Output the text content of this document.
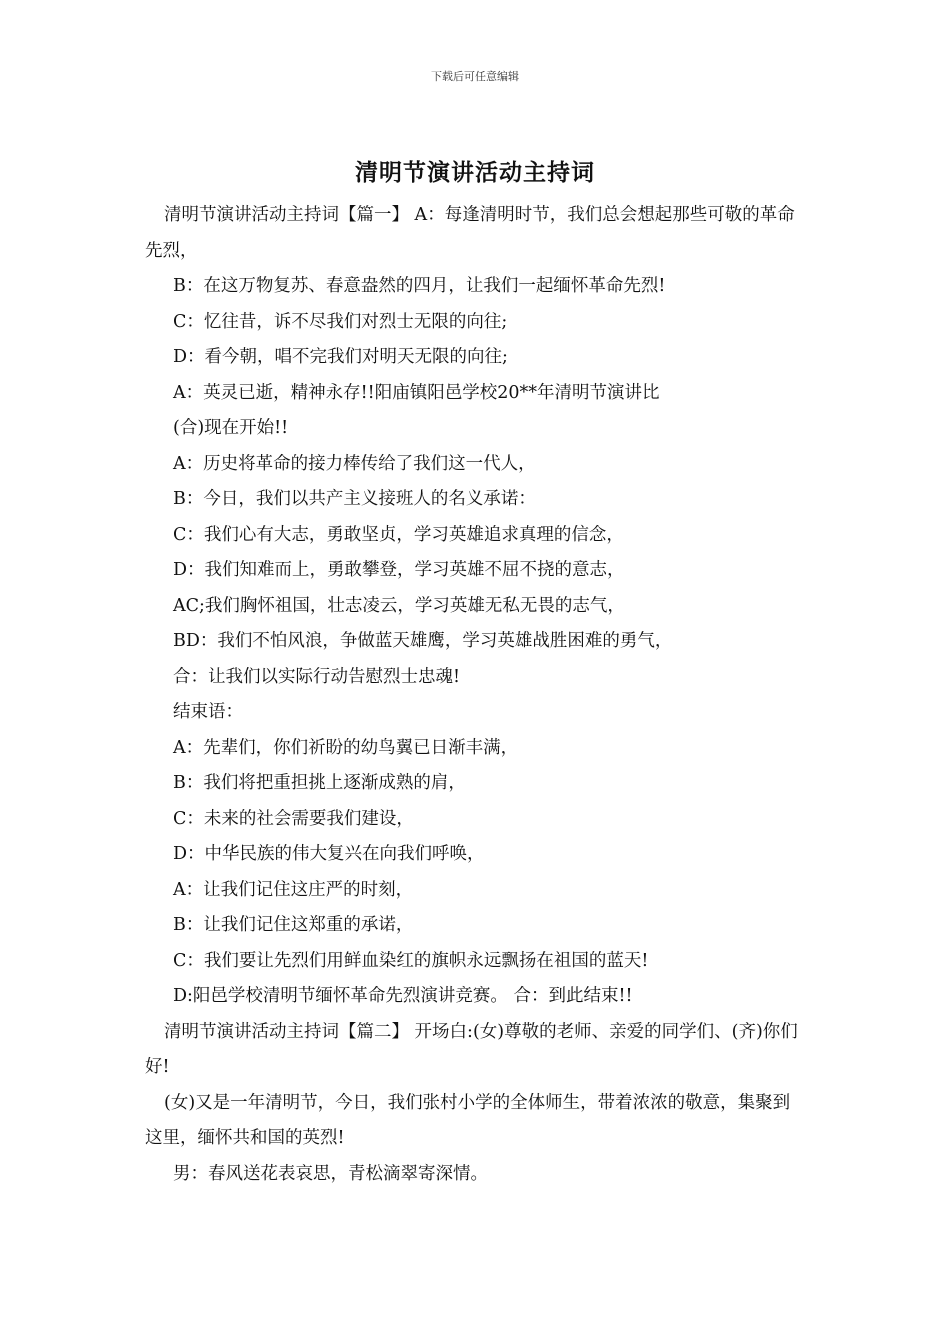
下载后可任意编辑
清明节演讲活动主持词

清明节演讲活动主持词【篇一】 A：每逢清明时节，我们总会想起那些可敬的革命先烈，

B：在这万物复苏、春意盎然的四月，让我们一起缅怀革命先烈!

C：忆往昔，诉不尽我们对烈士无限的向往;

D：看今朝，唱不完我们对明天无限的向往;

A：英灵已逝，精神永存!!阳庙镇阳邑学校20**年清明节演讲比

(合)现在开始!!

A：历史将革命的接力棒传给了我们这一代人，

B：今日，我们以共产主义接班人的名义承诺：

C：我们心有大志，勇敢坚贞，学习英雄追求真理的信念，

D：我们知难而上，勇敢攀登，学习英雄不屈不挠的意志，

AC;我们胸怀祖国，壮志凌云，学习英雄无私无畏的志气，

BD：我们不怕风浪，争做蓝天雄鹰，学习英雄战胜困难的勇气，

合：让我们以实际行动告慰烈士忠魂!

结束语：

A：先辈们，你们祈盼的幼鸟翼已日渐丰满，

B：我们将把重担挑上逐渐成熟的肩，

C：未来的社会需要我们建设，

D：中华民族的伟大复兴在向我们呼唤，

A：让我们记住这庄严的时刻，

B：让我们记住这郑重的承诺，

C：我们要让先烈们用鲜血染红的旗帜永远飘扬在祖国的蓝天!

D:阳邑学校清明节缅怀革命先烈演讲竞赛。 合：到此结束!!

清明节演讲活动主持词【篇二】 开场白:(女)尊敬的老师、亲爱的同学们、(齐)你们好!

(女)又是一年清明节，今日，我们张村小学的全体师生，带着浓浓的敬意，集聚到这里，缅怀共和国的英烈!

男：春风送花表哀思，青松滴翠寄深情。
